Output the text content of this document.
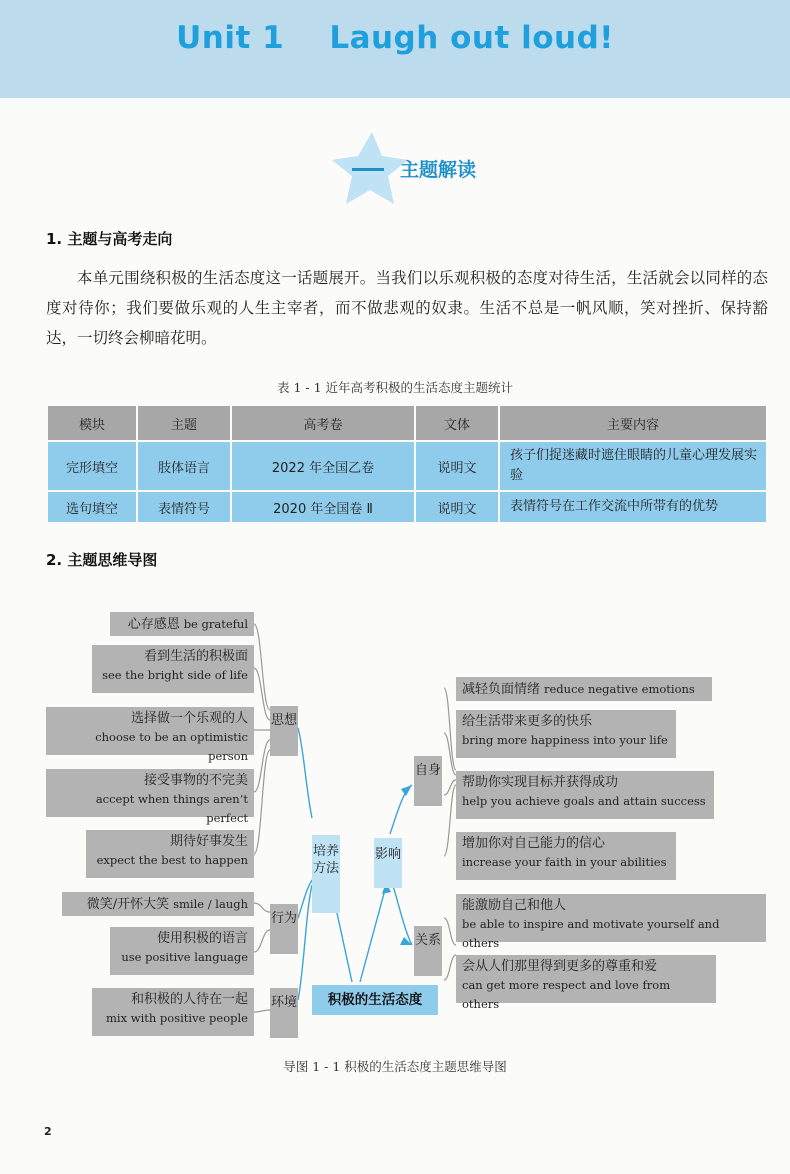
Unit 1    Laugh out loud!
主题解读
1. 主题与高考走向
本单元围绕积极的生活态度这一话题展开。当我们以乐观积极的态度对待生活，生活就会以同样的态度对待你；我们要做乐观的人生主宰者，而不做悲观的奴隶。生活不总是一帆风顺，笑对挫折、保持豁达，一切终会柳暗花明。
表 1 - 1 近年高考积极的生活态度主题统计
模块	主题	高考卷	文体	主要内容
完形填空	肢体语言	2022 年全国乙卷	说明文	孩子们捉迷藏时遮住眼睛的儿童心理发展实验
选句填空	表情符号	2020 年全国卷 Ⅱ	说明文	表情符号在工作交流中所带有的优势
2. 主题思维导图
心存感恩 be grateful
看到生活的积极面
see the bright side of life
选择做一个乐观的人
choose to be an optimistic person
接受事物的不完美
accept when things aren’t perfect
期待好事发生
expect the best to happen
微笑/开怀大笑 smile / laugh
使用积极的语言
use positive language
和积极的人待在一起
mix with positive people
思想
行为
环境
培养方法
影响
积极的生活态度
自身
关系
减轻负面情绪 reduce negative emotions
给生活带来更多的快乐
bring more happiness into your life
帮助你实现目标并获得成功
help you achieve goals and attain success
增加你对自己能力的信心
increase your faith in your abilities
能激励自己和他人
be able to inspire and motivate yourself and others
会从人们那里得到更多的尊重和爱
can get more respect and love from others
导图 1 - 1 积极的生活态度主题思维导图
2
